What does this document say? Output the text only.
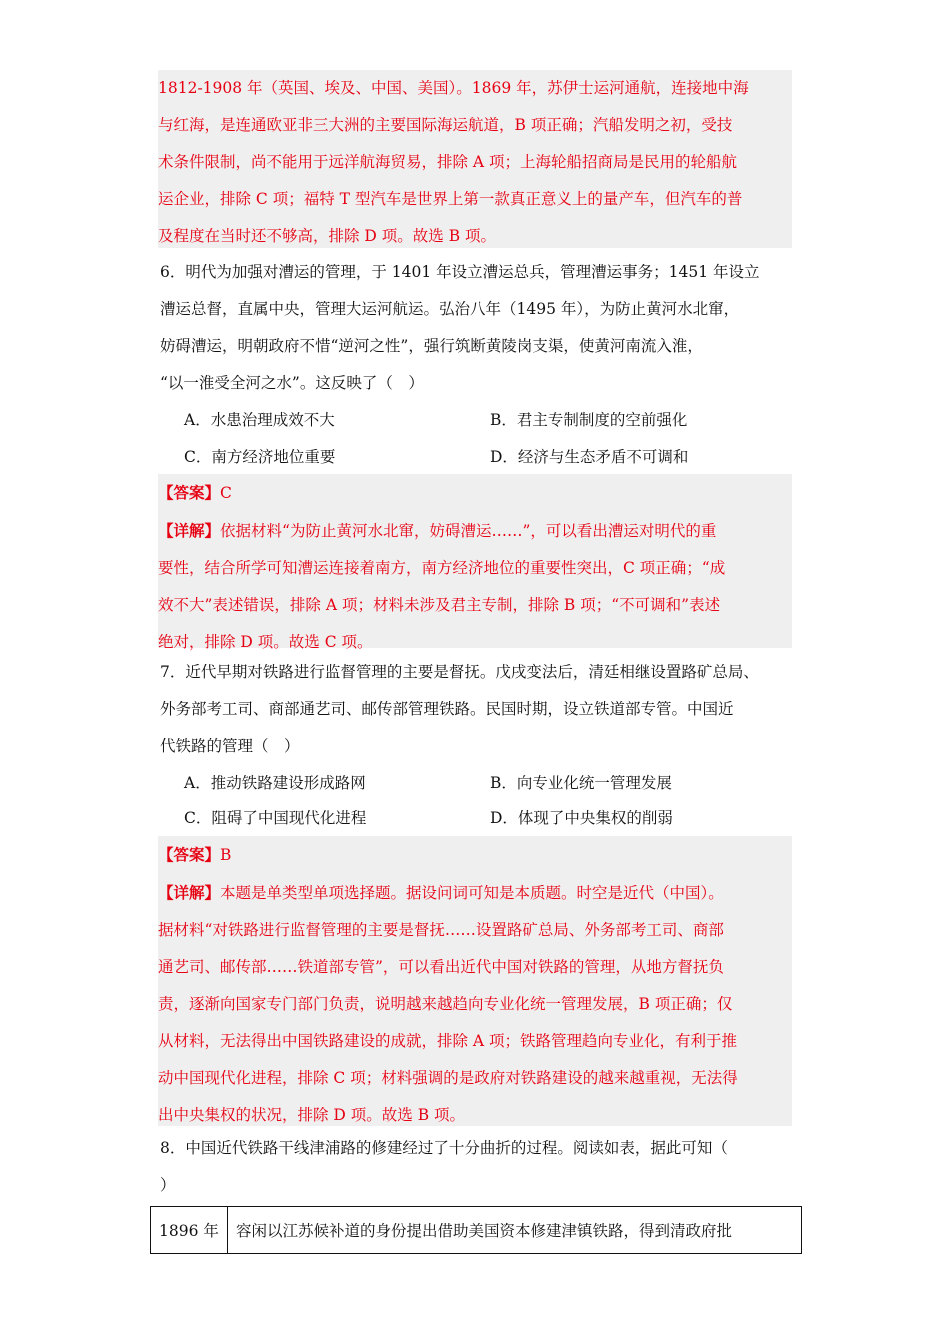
1812-1908 年（英国、埃及、中国、美国）。1869 年，苏伊士运河通航，连接地中海

与红海，是连通欧亚非三大洲的主要国际海运航道，B 项正确；汽船发明之初，受技

术条件限制，尚不能用于远洋航海贸易，排除 A 项；上海轮船招商局是民用的轮船航

运企业，排除 C 项；福特 T 型汽车是世界上第一款真正意义上的量产车，但汽车的普

及程度在当时还不够高，排除 D 项。故选 B 项。

6．明代为加强对漕运的管理，于 1401 年设立漕运总兵，管理漕运事务；1451 年设立

漕运总督，直属中央，管理大运河航运。弘治八年（1495 年），为防止黄河水北窜，

妨碍漕运，明朝政府不惜“逆河之性”，强行筑断黄陵岗支渠，使黄河南流入淮，

“以一淮受全河之水”。这反映了（　）

A．水患治理成效不大	B．君主专制制度的空前强化
C．南方经济地位重要	D．经济与生态矛盾不可调和

【答案】C

【详解】依据材料“为防止黄河水北窜，妨碍漕运……”，可以看出漕运对明代的重

要性，结合所学可知漕运连接着南方，南方经济地位的重要性突出，C 项正确；“成

效不大”表述错误，排除 A 项；材料未涉及君主专制，排除 B 项；“不可调和”表述

绝对，排除 D 项。故选 C 项。

7．近代早期对铁路进行监督管理的主要是督抚。戊戌变法后，清廷相继设置路矿总局、

外务部考工司、商部通艺司、邮传部管理铁路。民国时期，设立铁道部专管。中国近

代铁路的管理（　）

A．推动铁路建设形成路网	B．向专业化统一管理发展
C．阻碍了中国现代化进程	D．体现了中央集权的削弱

【答案】B

【详解】本题是单类型单项选择题。据设问词可知是本质题。时空是近代（中国）。

据材料“对铁路进行监督管理的主要是督抚……设置路矿总局、外务部考工司、商部

通艺司、邮传部……铁道部专管”，可以看出近代中国对铁路的管理，从地方督抚负

责，逐渐向国家专门部门负责，说明越来越趋向专业化统一管理发展，B 项正确；仅

从材料，无法得出中国铁路建设的成就，排除 A 项；铁路管理趋向专业化，有利于推

动中国现代化进程，排除 C 项；材料强调的是政府对铁路建设的越来越重视，无法得

出中央集权的状况，排除 D 项。故选 B 项。

8．中国近代铁路干线津浦路的修建经过了十分曲折的过程。阅读如表，据此可知（

）

1896 年	容闲以江苏候补道的身份提出借助美国资本修建津镇铁路，得到清政府批
